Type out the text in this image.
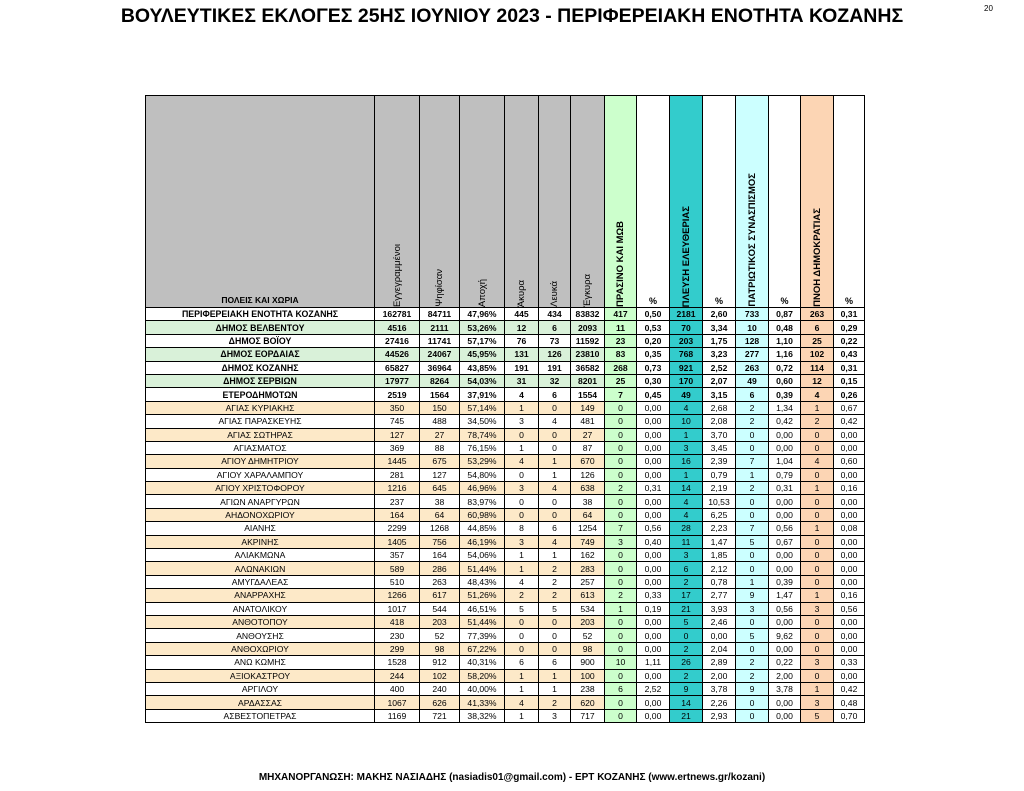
ΒΟΥΛΕΥΤΙΚΕΣ ΕΚΛΟΓΕΣ 25ΗΣ ΙΟΥΝΙΟΥ 2023 - ΠΕΡΙΦΕΡΕΙΑΚΗ ΕΝΟΤΗΤΑ ΚΟΖΑΝΗΣ	20
ΠΟΛΕΙΣ ΚΑΙ ΧΩΡΙΑ	Εγγεγραμμένοι	Ψηφίσαν	Αποχή	Άκυρα	Λευκά	Έγκυρα	ΠΡΑΣΙΝΟ ΚΑΙ ΜΩΒ	%	ΠΛΕΥΣΗ ΕΛΕΥΘΕΡΙΑΣ	%	ΠΑΤΡΙΩΤΙΚΟΣ ΣΥΝΑΣΠΙΣΜΟΣ	%	ΠΝΟΗ ΔΗΜΟΚΡΑΤΙΑΣ	%
ΠΕΡΙΦΕΡΕΙΑΚΗ ΕΝΟΤΗΤΑ ΚΟΖΑΝΗΣ	162781	84711	47,96%	445	434	83832	417	0,50	2181	2,60	733	0,87	263	0,31
ΔΗΜΟΣ ΒΕΛΒΕΝΤΟΥ	4516	2111	53,26%	12	6	2093	11	0,53	70	3,34	10	0,48	6	0,29
ΔΗΜΟΣ ΒΟΪΟΥ	27416	11741	57,17%	76	73	11592	23	0,20	203	1,75	128	1,10	25	0,22
ΔΗΜΟΣ ΕΟΡΔΑΙΑΣ	44526	24067	45,95%	131	126	23810	83	0,35	768	3,23	277	1,16	102	0,43
ΔΗΜΟΣ ΚΟΖΑΝΗΣ	65827	36964	43,85%	191	191	36582	268	0,73	921	2,52	263	0,72	114	0,31
ΔΗΜΟΣ ΣΕΡΒΙΩΝ	17977	8264	54,03%	31	32	8201	25	0,30	170	2,07	49	0,60	12	0,15
ΕΤΕΡΟΔΗΜΟΤΩΝ	2519	1564	37,91%	4	6	1554	7	0,45	49	3,15	6	0,39	4	0,26
ΑΓΙΑΣ ΚΥΡΙΑΚΗΣ	350	150	57,14%	1	0	149	0	0,00	4	2,68	2	1,34	1	0,67
ΑΓΙΑΣ ΠΑΡΑΣΚΕΥΗΣ	745	488	34,50%	3	4	481	0	0,00	10	2,08	2	0,42	2	0,42
ΑΓΙΑΣ ΣΩΤΗΡΑΣ	127	27	78,74%	0	0	27	0	0,00	1	3,70	0	0,00	0	0,00
ΑΓΙΑΣΜΑΤΟΣ	369	88	76,15%	1	0	87	0	0,00	3	3,45	0	0,00	0	0,00
ΑΓΙΟΥ ΔΗΜΗΤΡΙΟΥ	1445	675	53,29%	4	1	670	0	0,00	16	2,39	7	1,04	4	0,60
ΑΓΙΟΥ ΧΑΡΑΛΑΜΠΟΥ	281	127	54,80%	0	1	126	0	0,00	1	0,79	1	0,79	0	0,00
ΑΓΙΟΥ ΧΡΙΣΤΟΦΟΡΟΥ	1216	645	46,96%	3	4	638	2	0,31	14	2,19	2	0,31	1	0,16
ΑΓΙΩΝ ΑΝΑΡΓΥΡΩΝ	237	38	83,97%	0	0	38	0	0,00	4	10,53	0	0,00	0	0,00
ΑΗΔΟΝΟΧΩΡΙΟΥ	164	64	60,98%	0	0	64	0	0,00	4	6,25	0	0,00	0	0,00
ΑΙΑΝΗΣ	2299	1268	44,85%	8	6	1254	7	0,56	28	2,23	7	0,56	1	0,08
ΑΚΡΙΝΗΣ	1405	756	46,19%	3	4	749	3	0,40	11	1,47	5	0,67	0	0,00
ΑΛΙΑΚΜΩΝΑ	357	164	54,06%	1	1	162	0	0,00	3	1,85	0	0,00	0	0,00
ΑΛΩΝΑΚΙΩΝ	589	286	51,44%	1	2	283	0	0,00	6	2,12	0	0,00	0	0,00
ΑΜΥΓΔΑΛΕΑΣ	510	263	48,43%	4	2	257	0	0,00	2	0,78	1	0,39	0	0,00
ΑΝΑΡΡΑΧΗΣ	1266	617	51,26%	2	2	613	2	0,33	17	2,77	9	1,47	1	0,16
ΑΝΑΤΟΛΙΚΟΥ	1017	544	46,51%	5	5	534	1	0,19	21	3,93	3	0,56	3	0,56
ΑΝΘΟΤΟΠΟΥ	418	203	51,44%	0	0	203	0	0,00	5	2,46	0	0,00	0	0,00
ΑΝΘΟΥΣΗΣ	230	52	77,39%	0	0	52	0	0,00	0	0,00	5	9,62	0	0,00
ΑΝΘΟΧΩΡΙΟΥ	299	98	67,22%	0	0	98	0	0,00	2	2,04	0	0,00	0	0,00
ΑΝΩ ΚΩΜΗΣ	1528	912	40,31%	6	6	900	10	1,11	26	2,89	2	0,22	3	0,33
ΑΞΙΟΚΑΣΤΡΟΥ	244	102	58,20%	1	1	100	0	0,00	2	2,00	2	2,00	0	0,00
ΑΡΓΙΛΟΥ	400	240	40,00%	1	1	238	6	2,52	9	3,78	9	3,78	1	0,42
ΑΡΔΑΣΣΑΣ	1067	626	41,33%	4	2	620	0	0,00	14	2,26	0	0,00	3	0,48
ΑΣΒΕΣΤΟΠΕΤΡΑΣ	1169	721	38,32%	1	3	717	0	0,00	21	2,93	0	0,00	5	0,70
ΜΗΧΑΝΟΡΓΑΝΩΣΗ: ΜΑΚΗΣ ΝΑΣΙΑΔΗΣ (nasiadis01@gmail.com) - ΕΡΤ ΚΟΖΑΝΗΣ (www.ertnews.gr/kozani)
